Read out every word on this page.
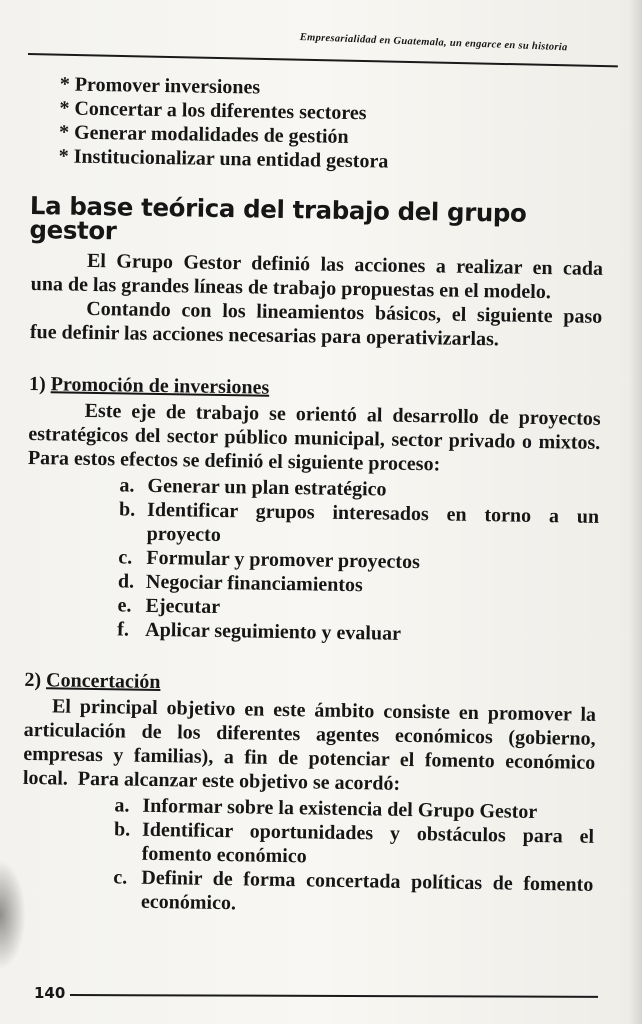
Empresarialidad en Guatemala, un engarce en su historia
* Promover inversiones
* Concertar a los diferentes sectores
* Generar modalidades de gestión
* Institucionalizar una entidad gestora
La base teórica del trabajo del grupo gestor

El Grupo Gestor definió las acciones a realizar en cada

una de las grandes líneas de trabajo propuestas en el modelo.

Contando con los lineamientos básicos, el siguiente paso

fue definir las acciones necesarias para operativizarlas.

1) Promoción de inversiones

Este eje de trabajo se orientó al desarrollo de proyectos

estratégicos del sector público municipal, sector privado o mixtos.

Para estos efectos se definió el siguiente proceso:

a. Generar un plan estratégico
b. Identificar grupos interesados en torno a un proyecto
c. Formular y promover proyectos
d. Negociar financiamientos
e. Ejecutar
f. Aplicar seguimiento y evaluar
2) Concertación

El principal objetivo en este ámbito consiste en promover la

articulación de los diferentes agentes económicos (gobierno,

empresas y familias), a fin de potenciar el fomento económico

local.  Para alcanzar este objetivo se acordó:

a. Informar sobre la existencia del Grupo Gestor
b. Identificar oportunidades y obstáculos para el fomento económico
c. Definir de forma concertada políticas de fomento económico.
140
